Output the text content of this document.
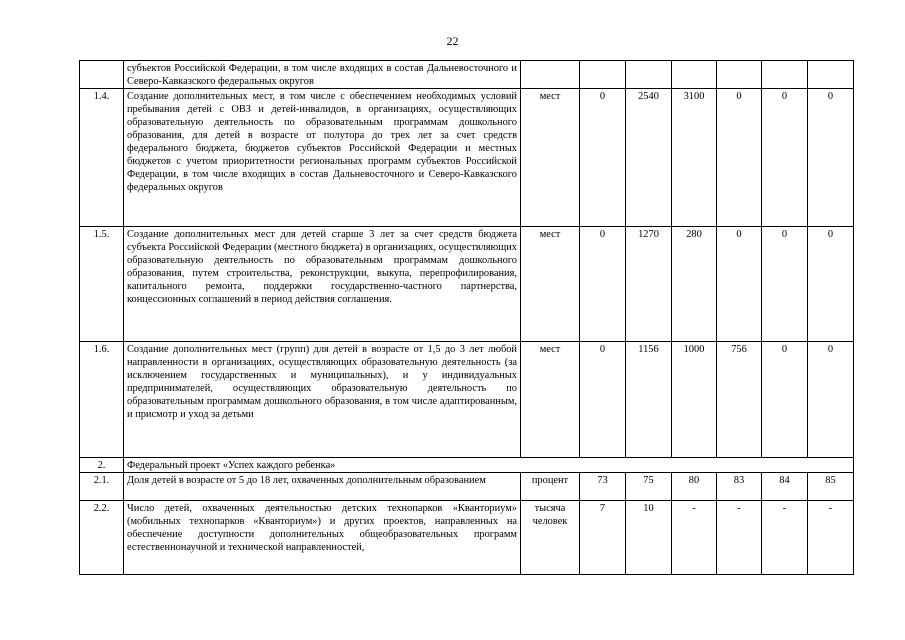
22
	субъектов Российской Федерации, в том числе входящих в состав Дальневосточного и Северо-Кавказского федеральных округов							
1.4.	Создание дополнительных мест, в том числе с обеспечением необходимых условий пребывания детей с ОВЗ и детей-инвалидов, в организациях, осуществляющих образовательную деятельность по образовательным программам дошкольного образования, для детей в возрасте от полутора до трех лет за счет средств федерального бюджета, бюджетов субъектов Российской Федерации и местных бюджетов с учетом приоритетности региональных программ субъектов Российской Федерации, в том числе входящих в состав Дальневосточного и Северо-Кавказского федеральных округов	мест	0	2540	3100	0	0	0
1.5.	Создание дополнительных мест для детей старше 3 лет за счет средств бюджета субъекта Российской Федерации (местного бюджета) в организациях, осуществляющих образовательную деятельность по образовательным программам дошкольного образования, путем строительства, реконструкции, выкупа, перепрофилирования, капитального ремонта, поддержки государственно-частного партнерства, концессионных соглашений в период действия соглашения.	мест	0	1270	280	0	0	0
1.6.	Создание дополнительных мест (групп) для детей в возрасте от 1,5 до 3 лет любой направленности в организациях, осуществляющих образовательную деятельность (за исключением государственных и муниципальных), и у индивидуальных предпринимателей, осуществляющих образовательную деятельность по образовательным программам дошкольного образования, в том числе адаптированным, и присмотр и уход за детьми	мест	0	1156	1000	756	0	0
2.	Федеральный проект «Успех каждого ребенка»							
2.1.	Доля детей в возрасте от 5 до 18 лет, охваченных дополнительным образованием	процент	73	75	80	83	84	85
2.2.	Число детей, охваченных деятельностью детских технопарков «Кванториум» (мобильных технопарков «Кванториум») и других проектов, направленных на обеспечение доступности дополнительных общеобразовательных программ естественнонаучной и технической направленностей,	тысяча человек	7	10	-	-	-	-
